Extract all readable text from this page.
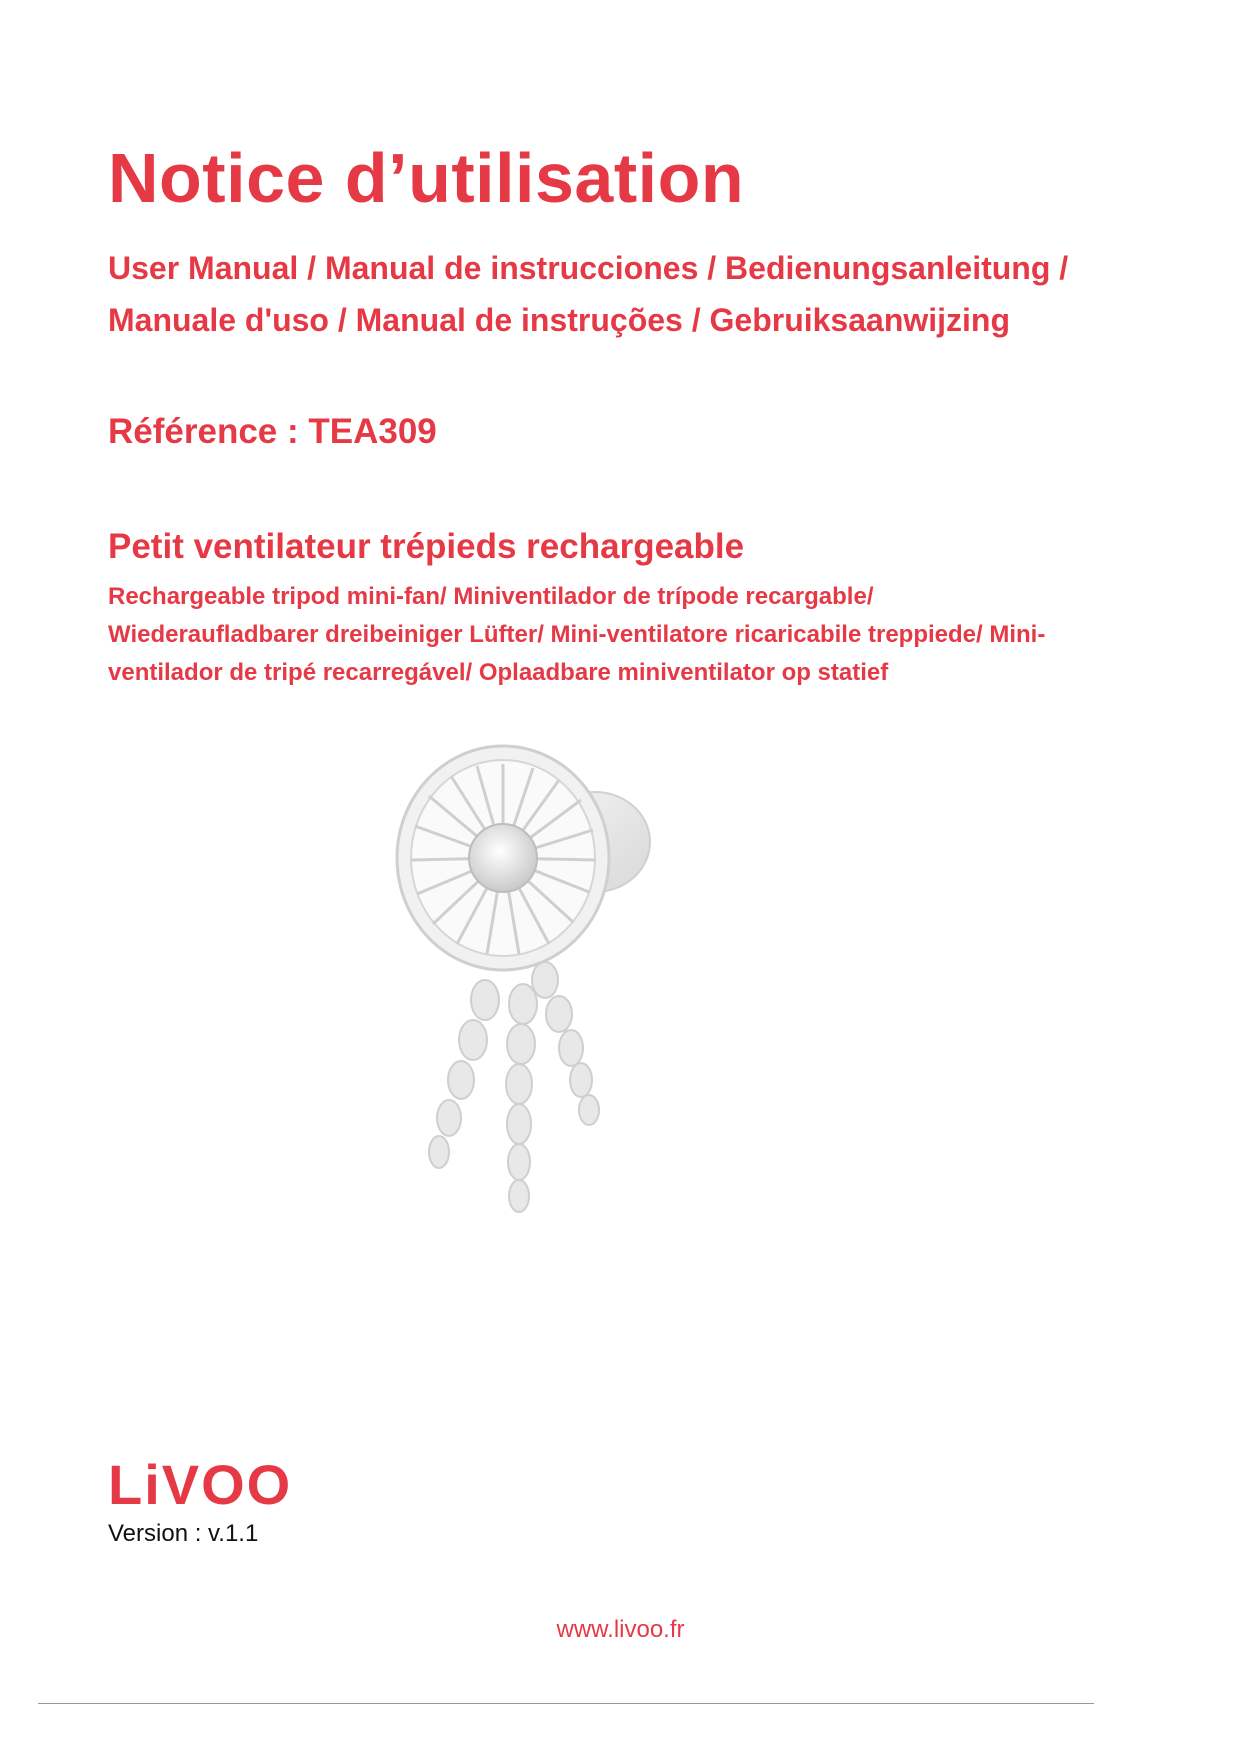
Notice d’utilisation
User Manual / Manual de instrucciones / Bedienungsanleitung /
Manuale d'uso / Manual de instruções / Gebruiksaanwijzing
Référence : TEA309
Petit ventilateur trépieds rechargeable
Rechargeable tripod mini-fan/ Miniventilador de trípode recargable/
Wiederaufladbarer dreibeiniger Lüfter/ Mini-ventilatore ricaricabile treppiede/ Mini-
ventilador de tripé recarregável/ Oplaadbare miniventilator op statief
LiVOO
Version : v.1.1
www.livoo.fr
